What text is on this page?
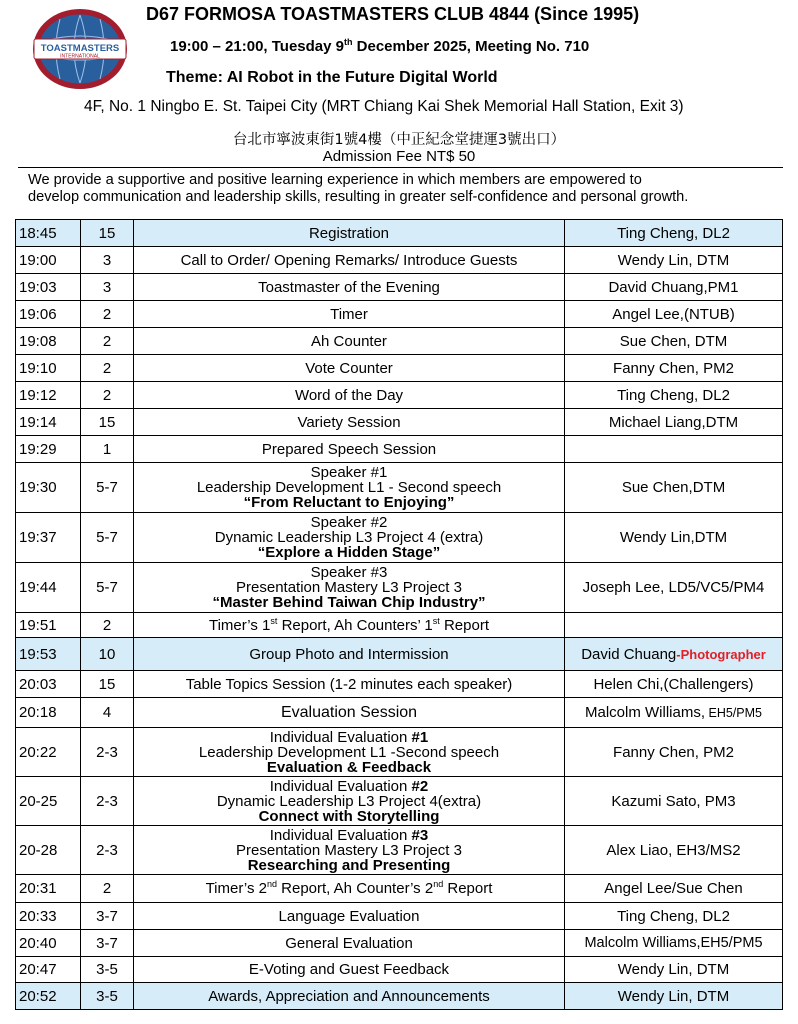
TOASTMASTERS
INTERNATIONAL
D67 FORMOSA TOASTMASTERS CLUB 4844 (Since 1995)
19:00 – 21:00, Tuesday 9th December 2025, Meeting No. 710
Theme: AI Robot in the Future Digital World
4F, No. 1 Ningbo E. St. Taipei City (MRT Chiang Kai Shek Memorial Hall Station, Exit 3)
台北市寧波東街1號4樓（中正紀念堂捷運3號出口）
Admission Fee NT$ 50
We provide a supportive and positive learning experience in which members are empowered to
develop communication and leadership skills, resulting in greater self-confidence and personal growth.
18:45	15	Registration	Ting Cheng, DL2
19:00	3	Call to Order/ Opening Remarks/ Introduce Guests	Wendy Lin, DTM
19:03	3	Toastmaster of the Evening	David Chuang,PM1
19:06	2	Timer	Angel Lee,(NTUB)
19:08	2	Ah Counter	Sue Chen, DTM
19:10	2	Vote Counter	Fanny Chen, PM2
19:12	2	Word of the Day	Ting Cheng, DL2
19:14	15	Variety Session	Michael Liang,DTM
19:29	1	Prepared Speech Session	
19:30	5-7	Speaker #1
Leadership Development L1 - Second speech
“From Reluctant to Enjoying”	Sue Chen,DTM
19:37	5-7	Speaker #2
Dynamic Leadership L3 Project 4 (extra)
“Explore a Hidden Stage”	Wendy Lin,DTM
19:44	5-7	Speaker #3
Presentation Mastery L3 Project 3
“Master Behind Taiwan Chip Industry”	Joseph Lee, LD5/VC5/PM4
19:51	2	Timer’s 1st Report, Ah Counters’ 1st Report	
19:53	10	Group Photo and Intermission	David Chuang-Photographer
20:03	15	Table Topics Session (1-2 minutes each speaker)	Helen Chi,(Challengers)
20:18	4	Evaluation Session	Malcolm Williams, EH5/PM5
20:22	2-3	Individual Evaluation #1
Leadership Development L1 -Second speech
Evaluation & Feedback	Fanny Chen, PM2
20-25	2-3	Individual Evaluation #2
Dynamic Leadership L3 Project 4(extra)
Connect with Storytelling	Kazumi Sato, PM3
20-28	2-3	Individual Evaluation #3
Presentation Mastery L3 Project 3
Researching and Presenting	Alex Liao, EH3/MS2
20:31	2	Timer’s 2nd Report, Ah Counter’s 2nd Report	Angel Lee/Sue Chen
20:33	3-7	Language Evaluation	Ting Cheng, DL2
20:40	3-7	General Evaluation	Malcolm Williams,EH5/PM5
20:47	3-5	E-Voting and Guest Feedback	Wendy Lin, DTM
20:52	3-5	Awards, Appreciation and Announcements	Wendy Lin, DTM
